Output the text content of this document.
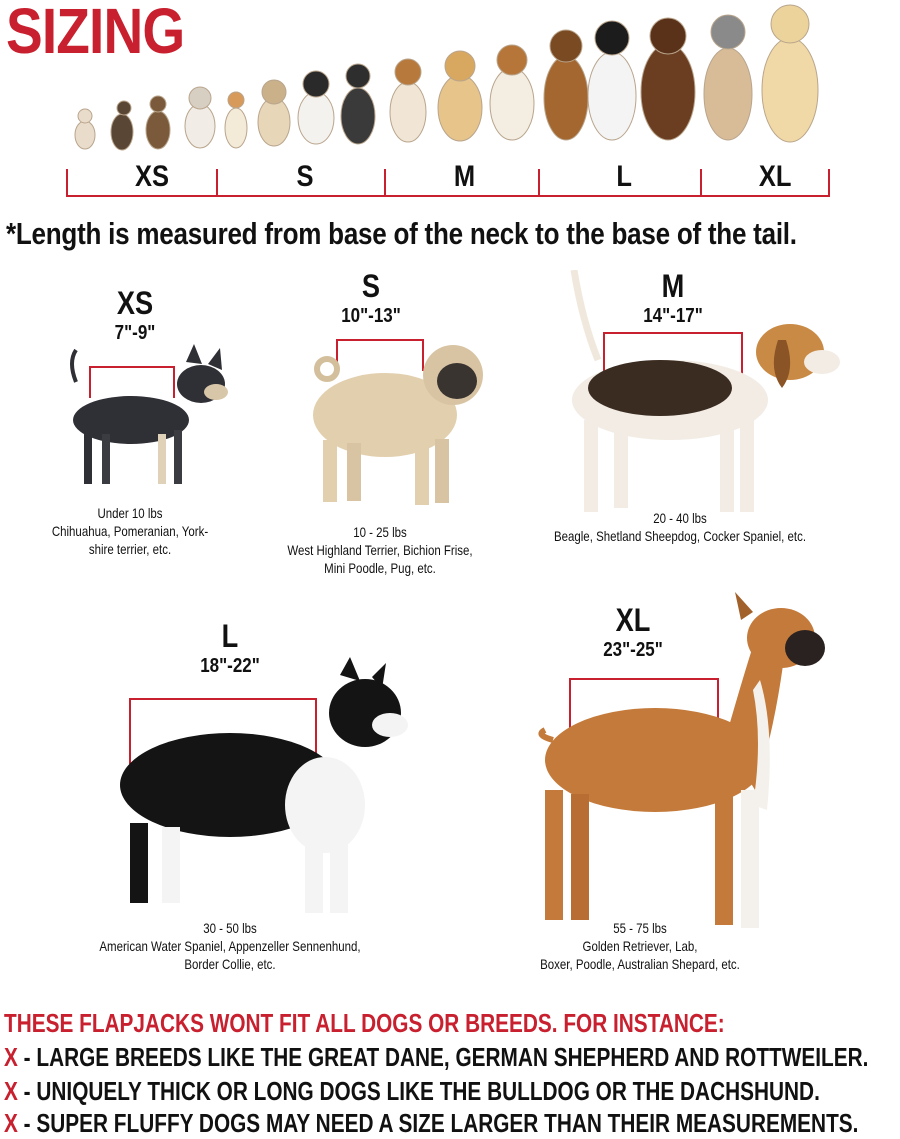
SIZING
XS	S	M	L	XL
*Length is measured from base of the neck to the base of the tail.
XS
7"-9"
Under 10 lbs
Chihuahua, Pomeranian, York-
shire terrier, etc.
S
10"-13"
10 - 25 lbs
West Highland Terrier, Bichion Frise,
Mini Poodle, Pug, etc.
M
14"-17"
20 - 40 lbs
Beagle, Shetland Sheepdog, Cocker Spaniel, etc.
L
18"-22"
30 - 50 lbs
American Water Spaniel, Appenzeller Sennenhund,
Border Collie, etc.
XL
23"-25"
55 - 75 lbs
Golden Retriever, Lab,
Boxer, Poodle, Australian Shepard, etc.
THESE FLAPJACKS WONT FIT ALL DOGS OR BREEDS. FOR INSTANCE:
X - LARGE BREEDS LIKE THE GREAT DANE, GERMAN SHEPHERD AND ROTTWEILER.
X - UNIQUELY THICK OR LONG DOGS LIKE THE BULLDOG OR THE DACHSHUND.
X - SUPER FLUFFY DOGS MAY NEED A SIZE LARGER THAN THEIR MEASUREMENTS.
